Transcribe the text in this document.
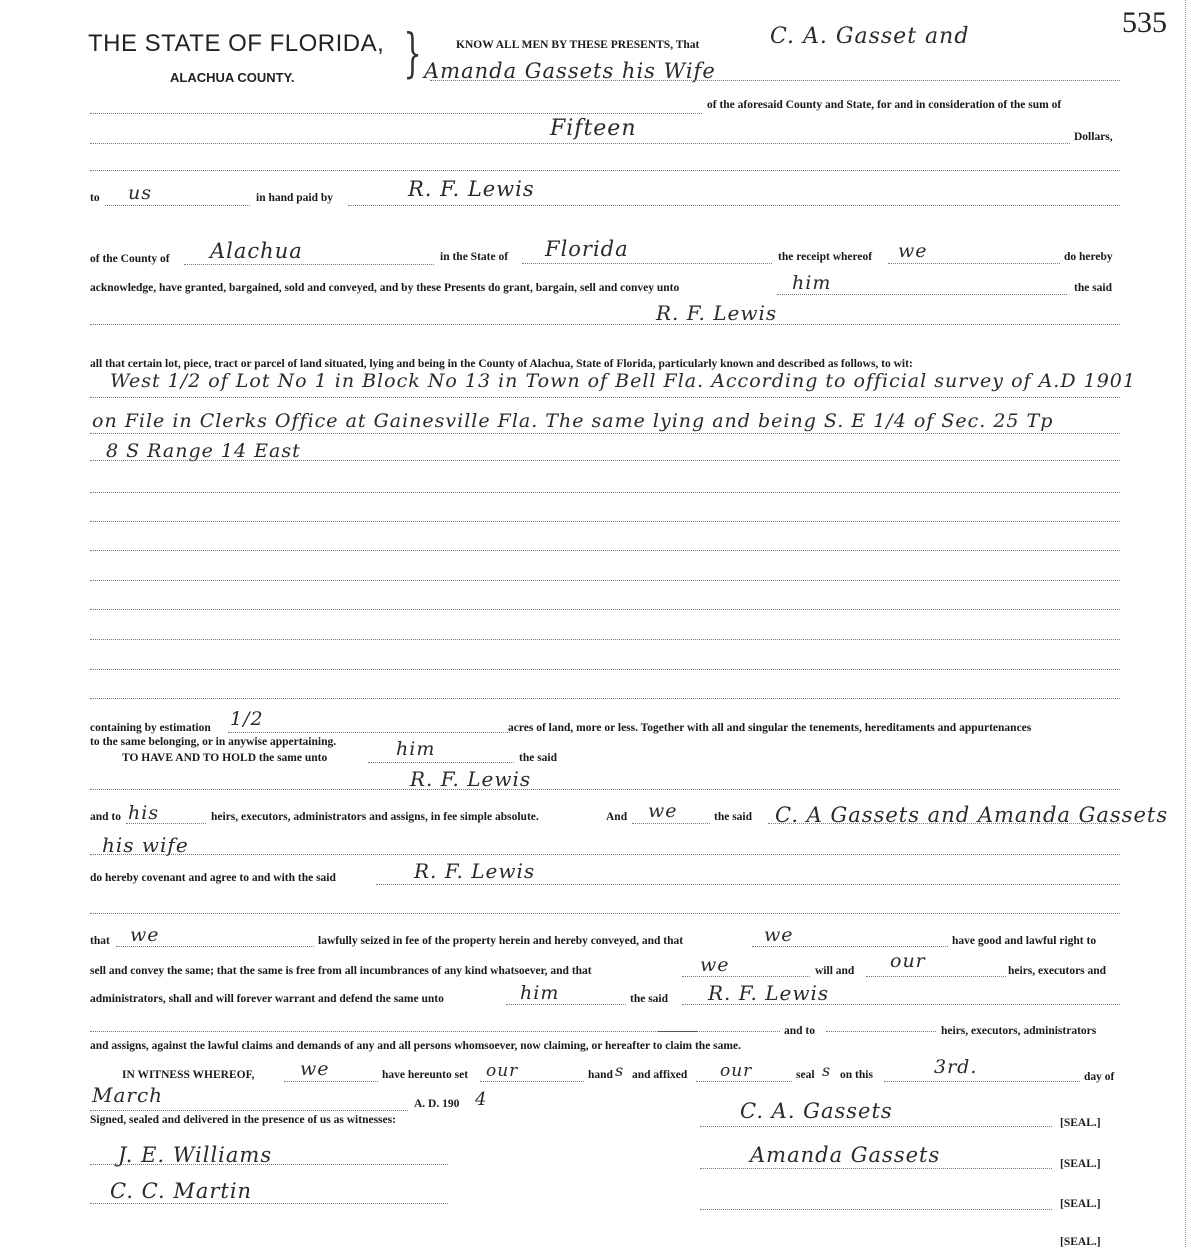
THE STATE OF FLORIDA,
ALACHUA COUNTY. }
535
KNOW ALL MEN BY THESE PRESENTS, That	C. A. Gasset and
Amanda Gassets his Wife
of the aforesaid County and State, for and in consideration of the sum of
Fifteen	Dollars,
to us	in hand paid by	R. F. Lewis
of the County of Alachua	in the State of Florida	the receipt whereof we	do hereby
acknowledge, have granted, bargained, sold and conveyed, and by these Presents do grant, bargain, sell and convey unto	him	the said
R. F. Lewis
all that certain lot, piece, tract or parcel of land situated, lying and being in the County of Alachua, State of Florida, particularly known and described as follows, to wit:
West 1/2 of Lot No 1 in Block No 13 in Town of Bell Fla. According to official survey of A.D 1901
on File in Clerks Office at Gainesville Fla. The same lying and being S. E 1/4 of Sec. 25 Tp
8 S Range 14 East
containing by estimation 1/2	acres of land, more or less. Together with all and singular the tenements, hereditaments and appurtenances
to the same belonging, or in anywise appertaining.
TO HAVE AND TO HOLD the same unto	him	the said
R. F. Lewis
and to his	heirs, executors, administrators and assigns, in fee simple absolute.	And we	the said C. A Gassets and Amanda Gassets
his wife
do hereby covenant and agree to and with the said	R. F. Lewis
that we	lawfully seized in fee of the property herein and hereby conveyed, and that	we	have good and lawful right to
sell and convey the same; that the same is free from all incumbrances of any kind whatsoever, and that	we	will and our	heirs, executors and
administrators, shall and will forever warrant and defend the same unto	him	the said R. F. Lewis
and to	heirs, executors, administrators
and assigns, against the lawful claims and demands of any and all persons whomsoever, now claiming, or hereafter to claim the same.
IN WITNESS WHEREOF, we	have hereunto set our	hand s and affixed our	seal s on this	3rd.	day of
March	A. D. 190 4
Signed, sealed and delivered in the presence of us as witnesses:	C. A. Gassets	[SEAL.]
Amanda Gassets	[SEAL.]
[SEAL.]
[SEAL.]
J. E. Williams
C. C. Martin
